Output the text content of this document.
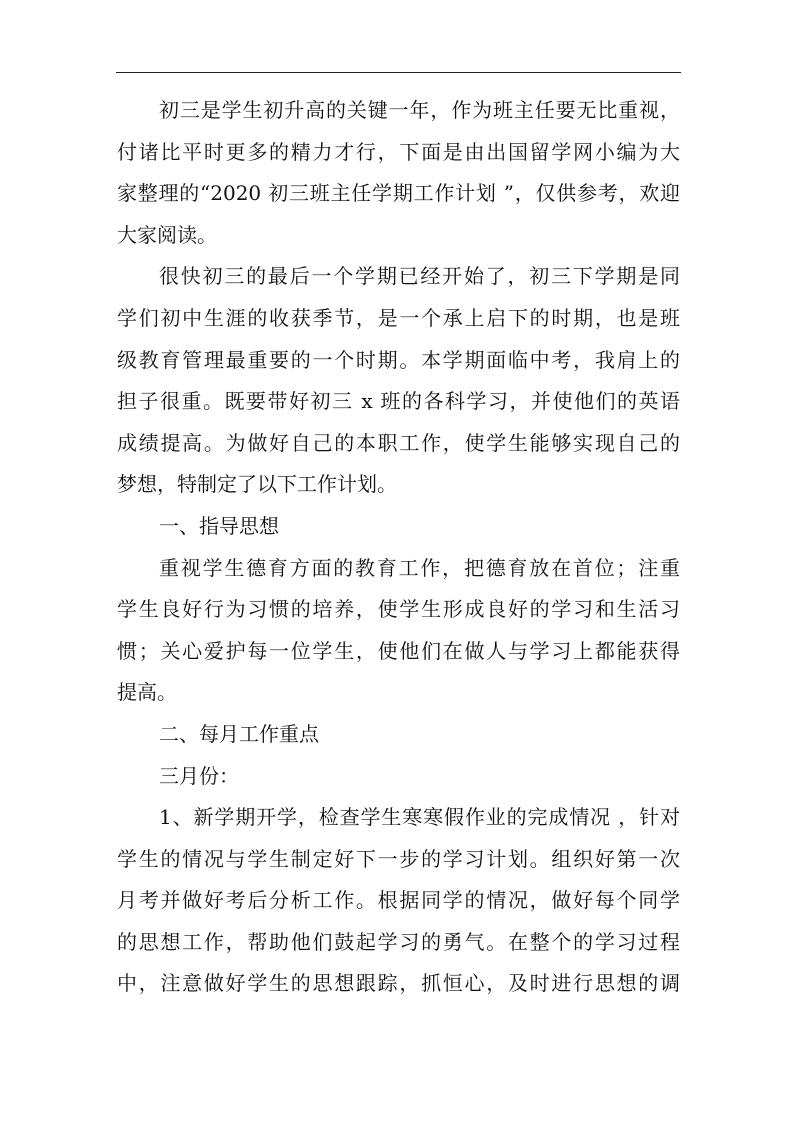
初三是学生初升高的关键一年，作为班主任要无比重视，
付诸比平时更多的精力才行，下面是由出国留学网小编为大
家整理的“2020 初三班主任学期工作计划 ”，仅供参考，欢迎
大家阅读。
很快初三的最后一个学期已经开始了，初三下学期是同
学们初中生涯的收获季节，是一个承上启下的时期，也是班
级教育管理最重要的一个时期。本学期面临中考，我肩上的
担子很重。既要带好初三 x 班的各科学习，并使他们的英语
成绩提高。为做好自己的本职工作，使学生能够实现自己的
梦想，特制定了以下工作计划。
一、指导思想
重视学生德育方面的教育工作，把德育放在首位；注重
学生良好行为习惯的培养，使学生形成良好的学习和生活习
惯；关心爱护每一位学生，使他们在做人与学习上都能获得
提高。
二、每月工作重点
三月份：
1、新学期开学，检查学生寒寒假作业的完成情况 ，针对
学生的情况与学生制定好下一步的学习计划。组织好第一次
月考并做好考后分析工作。根据同学的情况，做好每个同学
的思想工作，帮助他们鼓起学习的勇气。在整个的学习过程
中，注意做好学生的思想跟踪，抓恒心，及时进行思想的调
